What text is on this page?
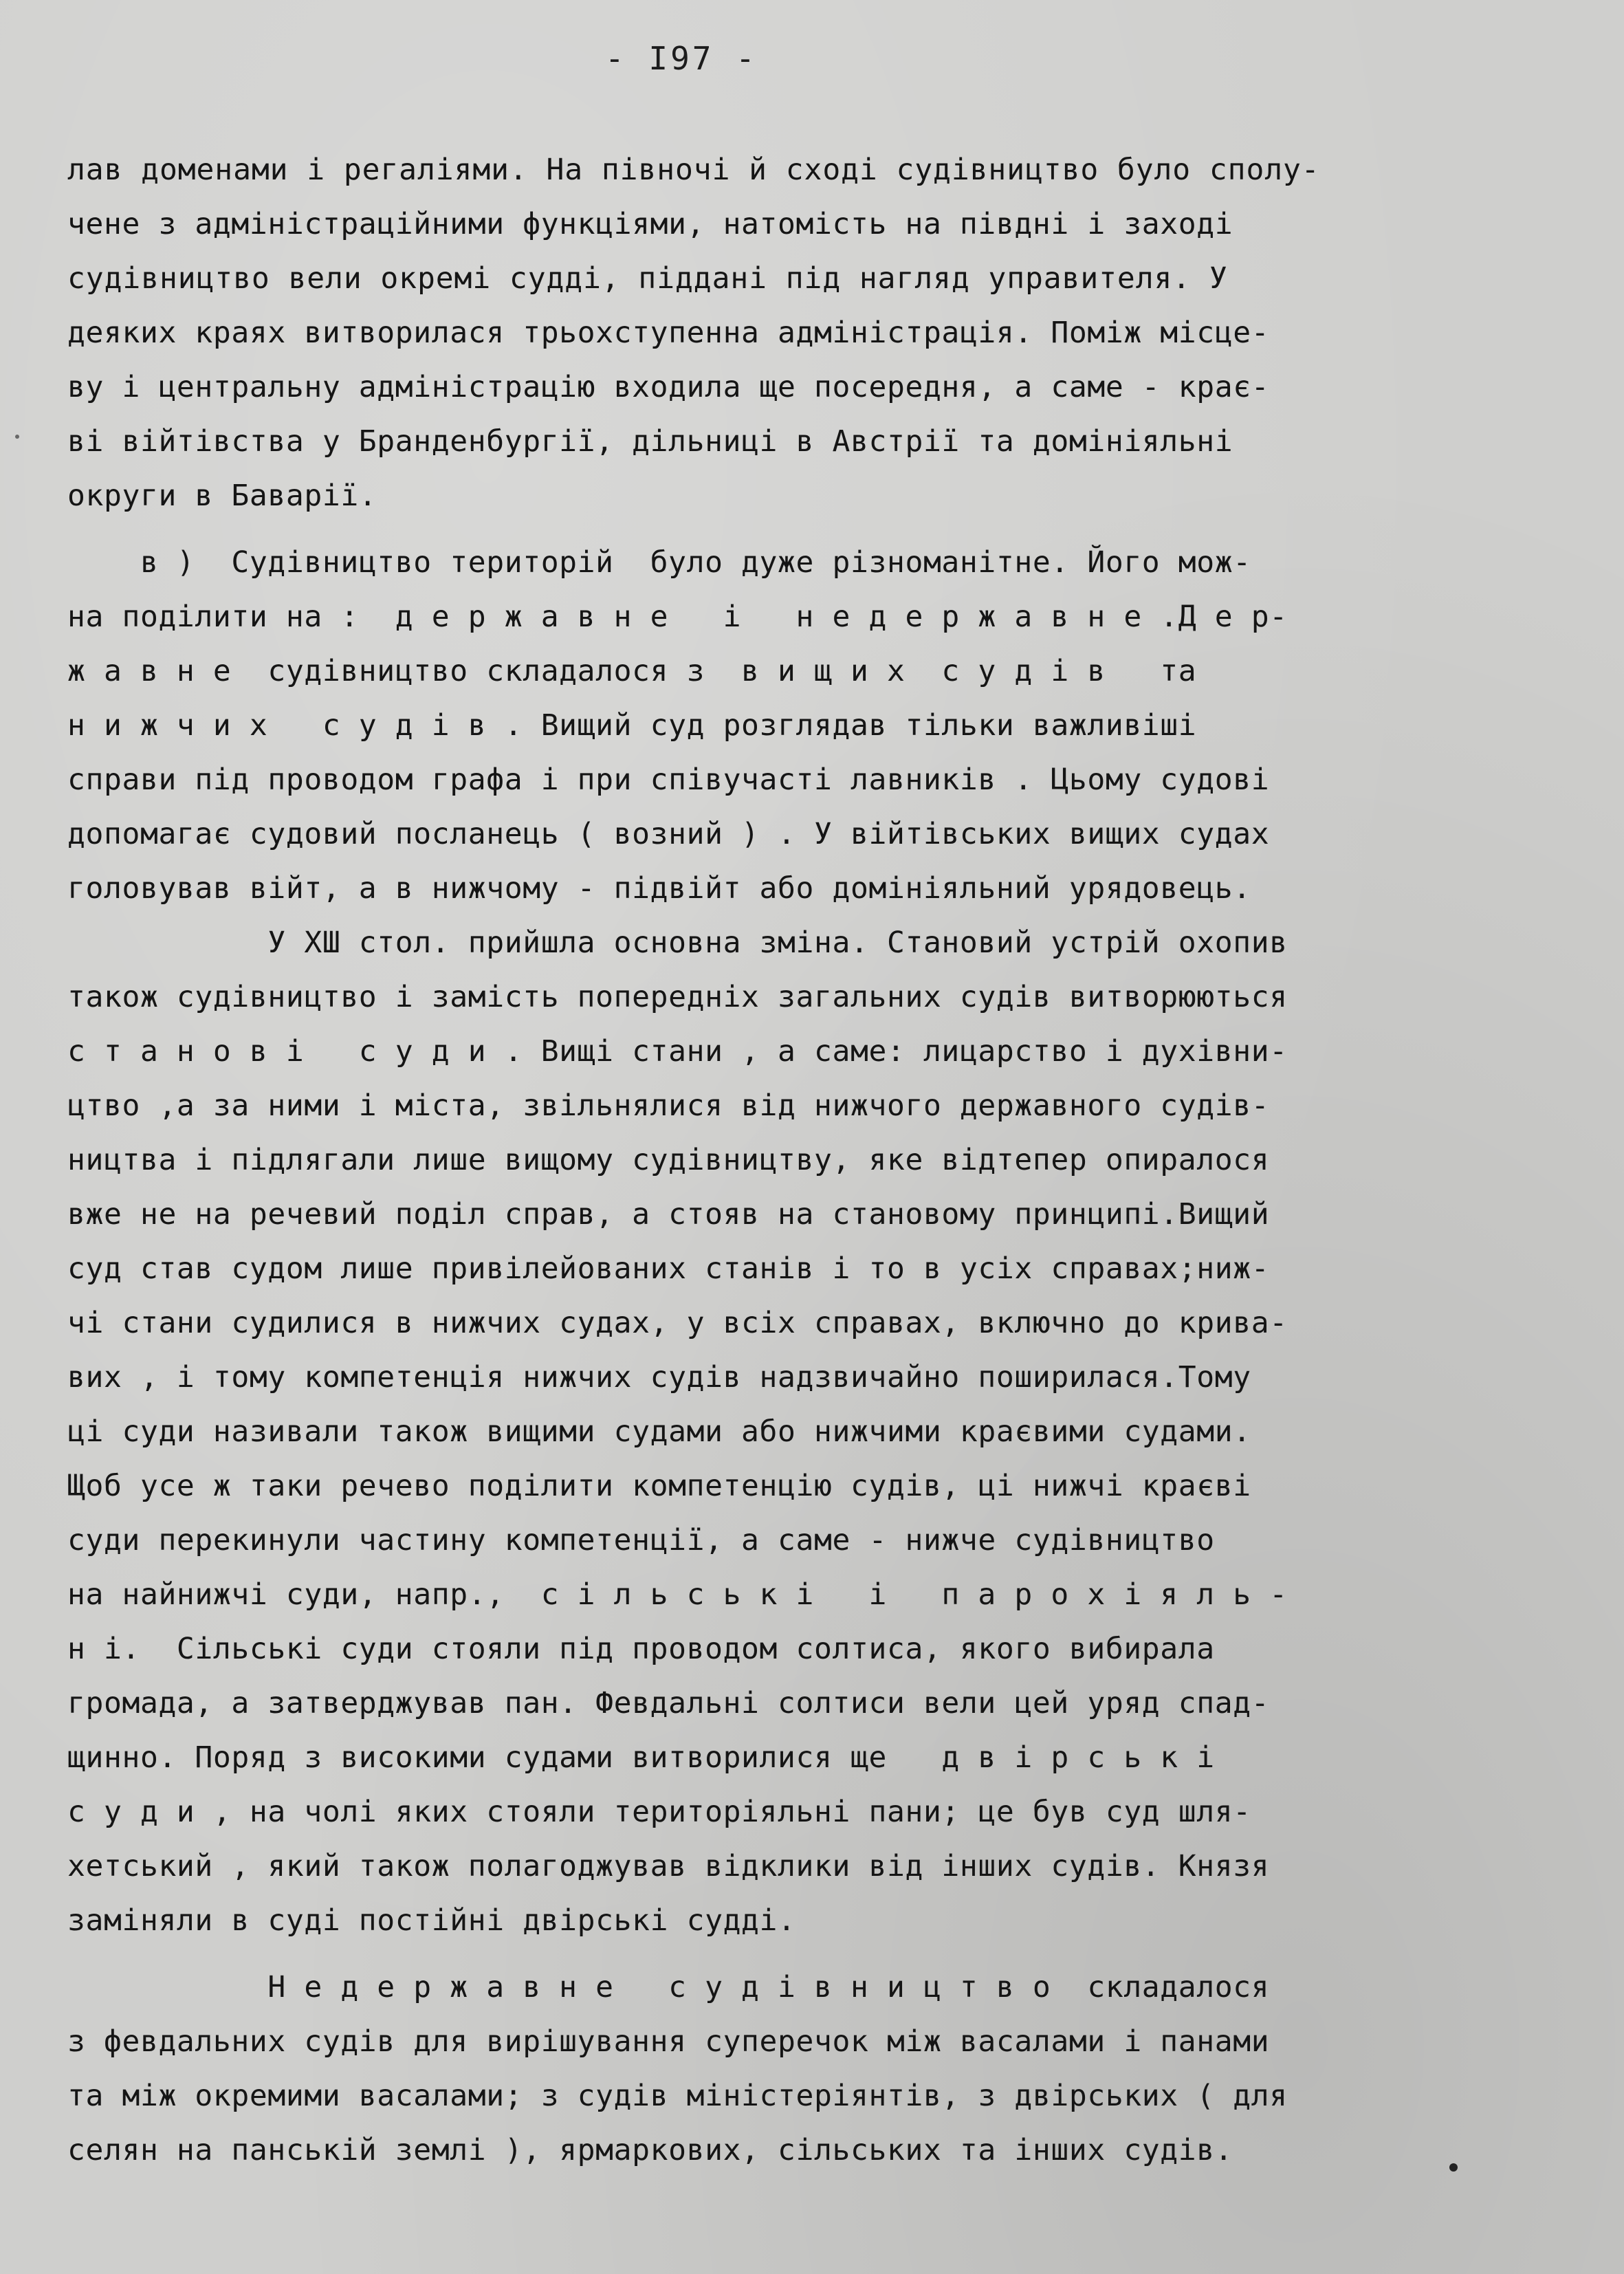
- I97 -
лав доменами і регаліями. На півночі й сході судівництво було сполу-
чене з адміністраційними функціями, натомість на півдні і заході
судівництво вели окремі судді, піддані під нагляд управителя. У
деяких краях витворилася трьохступенна адміністрація. Поміж місце-
ву і центральну адміністрацію входила ще посередня, а саме - крає-
ві війтівства у Бранденбургії, дільниці в Австрії та домініяльні
округи в Баварії.
в )  Судівництво територій  було дуже різноманітне. Його мож-
на поділити на :  д е р ж а в н е   і   н е д е р ж а в н е .Д е р-
ж а в н е  судівництво складалося з  в и щ и х  с у д і в   та
н и ж ч и х   с у д і в . Вищий суд розглядав тільки важливіші
справи під проводом графа і при співучасті лавників . Цьому судові
допомагає судовий посланець ( возний ) . У війтівських вищих судах
головував війт, а в нижчому - підвійт або домініяльний урядовець.
У ХШ стол. прийшла основна зміна. Становий устрій охопив
також судівництво і замість попередніх загальних судів витворюються
с т а н о в і   с у д и . Вищі стани , а саме: лицарство і духівни-
цтво ,а за ними і міста, звільнялися від нижчого державного судів-
ництва і підлягали лише вищому судівництву, яке відтепер опиралося
вже не на речевий поділ справ, а стояв на становому принципі.Вищий
суд став судом лише привілейованих станів і то в усіх справах;ниж-
чі стани судилися в нижчих судах, у всіх справах, включно до крива-
вих , і тому компетенція нижчих судів надзвичайно поширилася.Тому
ці суди називали також вищими судами або нижчими краєвими судами.
Щоб усе ж таки речево поділити компетенцію судів, ці нижчі краєві
суди перекинули частину компетенції, а саме - нижче судівництво
на найнижчі суди, напр.,  с і л ь с ь к і   і   п а р о х і я л ь -
н і.  Сільські суди стояли під проводом солтиса, якого вибирала
громада, а затверджував пан. Февдальні солтиси вели цей уряд спад-
щинно. Поряд з високими судами витворилися ще   д в і р с ь к і
с у д и , на чолі яких стояли територіяльні пани; це був суд шля-
хетський , який також полагоджував відклики від інших судів. Князя
заміняли в суді постійні двірські судді.
Н е д е р ж а в н е   с у д і в н и ц т в о  складалося
з февдальних судів для вирішування суперечок між васалами і панами
та між окремими васалами; з судів міністеріянтів, з двірських ( для
селян на панській землі ), ярмаркових, сільських та інших судів.
